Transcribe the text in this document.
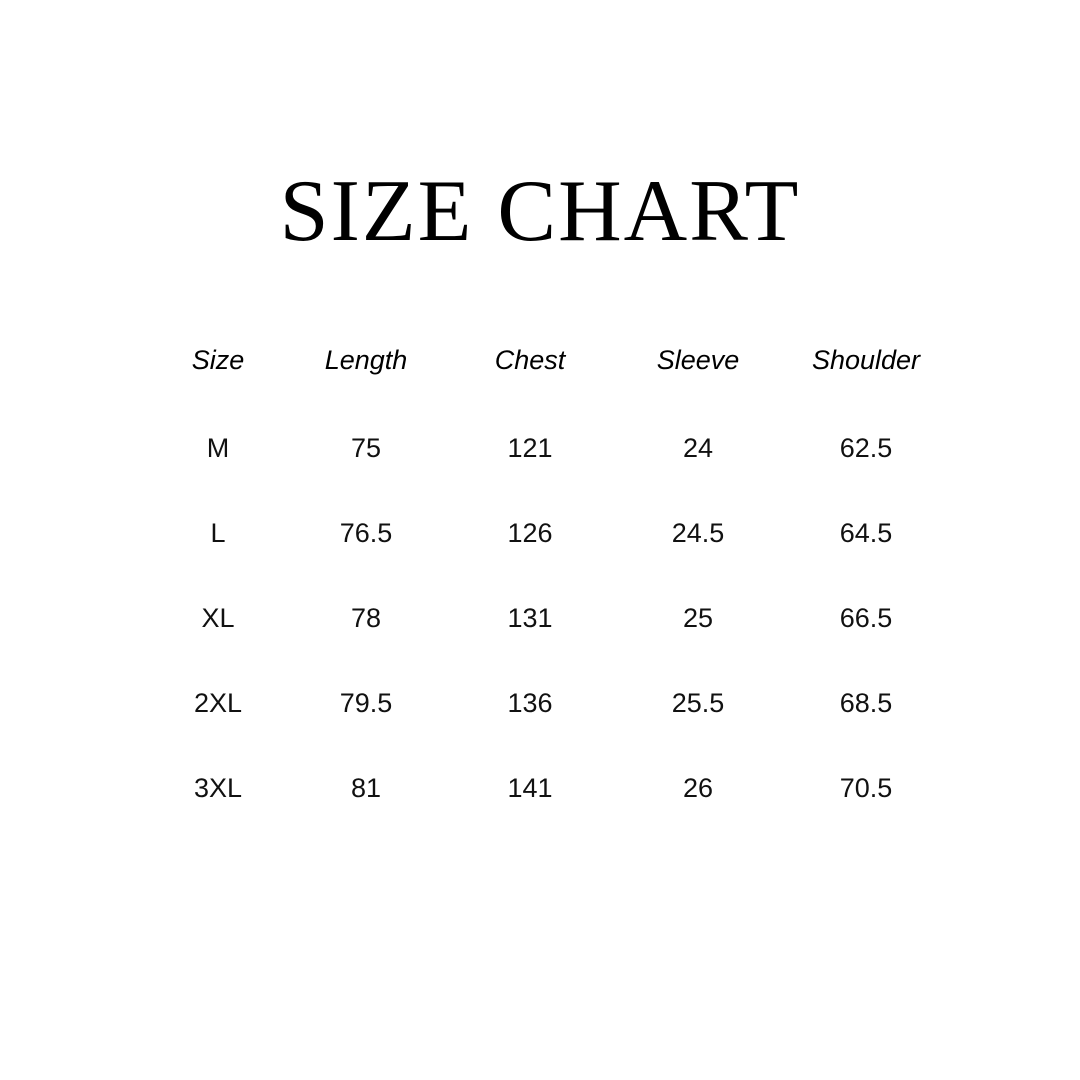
SIZE CHART
Size	Length	Chest	Sleeve	Shoulder
M	75	121	24	62.5
L	76.5	126	24.5	64.5
XL	78	131	25	66.5
2XL	79.5	136	25.5	68.5
3XL	81	141	26	70.5
